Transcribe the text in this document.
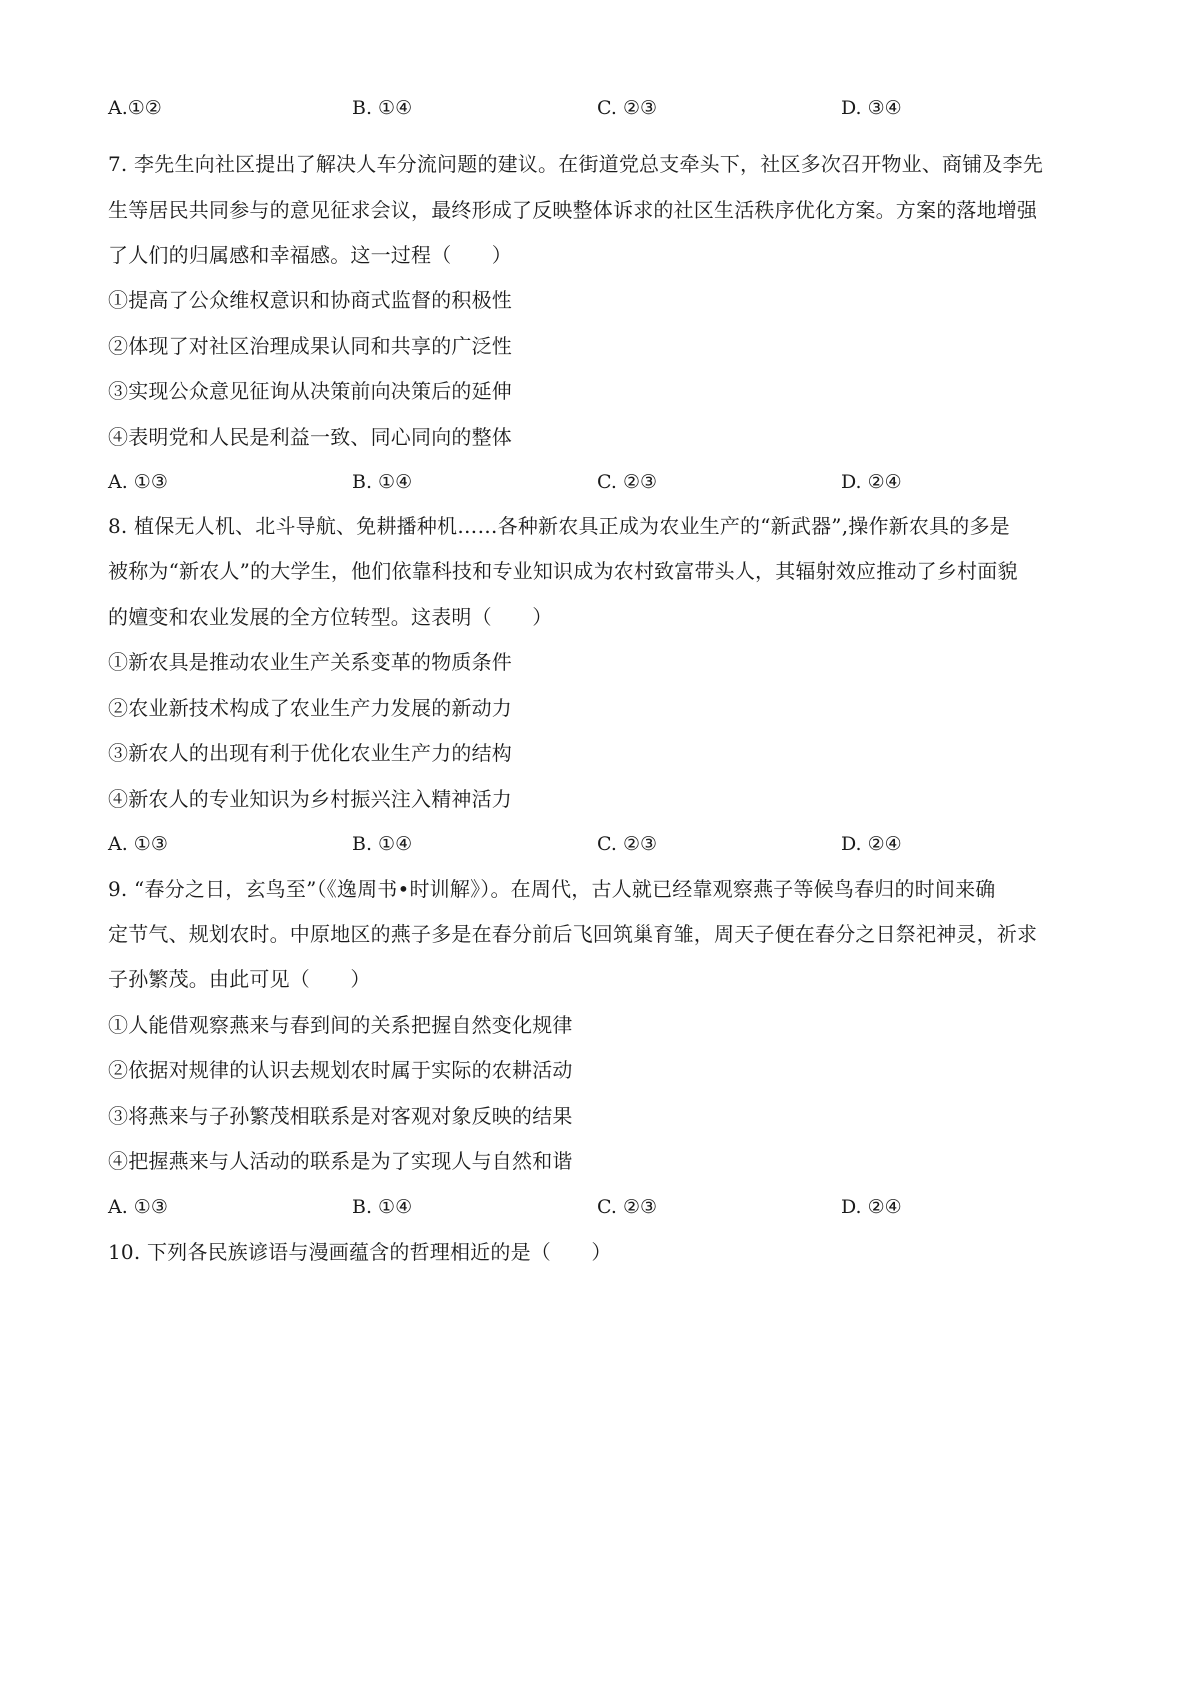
A.①②	B. ①④	C. ②③	D. ③④
7. 李先生向社区提出了解决人车分流问题的建议。在街道党总支牵头下，社区多次召开物业、商铺及李先
生等居民共同参与的意见征求会议，最终形成了反映整体诉求的社区生活秩序优化方案。方案的落地增强
了人们的归属感和幸福感。这一过程（　　）
①提高了公众维权意识和协商式监督的积极性
②体现了对社区治理成果认同和共享的广泛性
③实现公众意见征询从决策前向决策后的延伸
④表明党和人民是利益一致、同心同向的整体
A. ①③	B. ①④	C. ②③	D. ②④
8. 植保无人机、北斗导航、免耕播种机……各种新农具正成为农业生产的“新武器”,操作新农具的多是
被称为“新农人”的大学生，他们依靠科技和专业知识成为农村致富带头人，其辐射效应推动了乡村面貌
的嬗变和农业发展的全方位转型。这表明（　　）
①新农具是推动农业生产关系变革的物质条件
②农业新技术构成了农业生产力发展的新动力
③新农人的出现有利于优化农业生产力的结构
④新农人的专业知识为乡村振兴注入精神活力
A. ①③	B. ①④	C. ②③	D. ②④
9. “春分之日，玄鸟至”（《逸周书•时训解》）。在周代，古人就已经靠观察燕子等候鸟春归的时间来确
定节气、规划农时。中原地区的燕子多是在春分前后飞回筑巢育雏，周天子便在春分之日祭祀神灵，祈求
子孙繁茂。由此可见（　　）
①人能借观察燕来与春到间的关系把握自然变化规律
②依据对规律的认识去规划农时属于实际的农耕活动
③将燕来与子孙繁茂相联系是对客观对象反映的结果
④把握燕来与人活动的联系是为了实现人与自然和谐
A. ①③	B. ①④	C. ②③	D. ②④
10. 下列各民族谚语与漫画蕴含的哲理相近的是（　　）
